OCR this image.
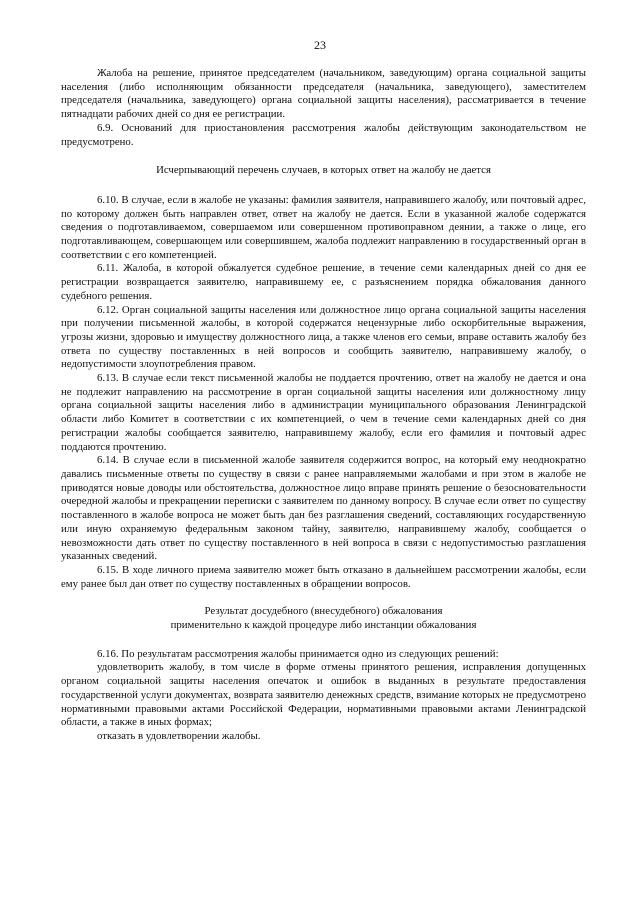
23

Жалоба на решение, принятое председателем (начальником, заведующим) органа социальной защиты населения (либо исполняющим обязанности председателя (начальника, заведующего), заместителем председателя (начальника, заведующего) органа социальной защиты населения), рассматривается в течение пятнадцати рабочих дней со дня ее регистрации.

6.9. Оснований для приостановления рассмотрения жалобы действующим законодательством не предусмотрено.

Исчерпывающий перечень случаев, в которых ответ на жалобу не дается

6.10. В случае, если в жалобе не указаны: фамилия заявителя, направившего жалобу, или почтовый адрес, по которому должен быть направлен ответ, ответ на жалобу не дается. Если в указанной жалобе содержатся сведения о подготавливаемом, совершаемом или совершенном противоправном деянии, а также о лице, его подготавливающем, совершающем или совершившем, жалоба подлежит направлению в государственный орган в соответствии с его компетенцией.

6.11. Жалоба, в которой обжалуется судебное решение, в течение семи календарных дней со дня ее регистрации возвращается заявителю, направившему ее, с разъяснением порядка обжалования данного судебного решения.

6.12. Орган социальной защиты населения или должностное лицо органа социальной защиты населения при получении письменной жалобы, в которой содержатся нецензурные либо оскорбительные выражения, угрозы жизни, здоровью и имуществу должностного лица, а также членов его семьи, вправе оставить жалобу без ответа по существу поставленных в ней вопросов и сообщить заявителю, направившему жалобу, о недопустимости злоупотребления правом.

6.13. В случае если текст письменной жалобы не поддается прочтению, ответ на жалобу не дается и она не подлежит направлению на рассмотрение в орган социальной защиты населения или должностному лицу органа социальной защиты населения либо в администрации муниципального образования Ленинградской области либо Комитет в соответствии с их компетенцией, о чем в течение семи календарных дней со дня регистрации жалобы сообщается заявителю, направившему жалобу, если его фамилия и почтовый адрес поддаются прочтению.

6.14. В случае если в письменной жалобе заявителя содержится вопрос, на который ему неоднократно давались письменные ответы по существу в связи с ранее направляемыми жалобами и при этом в жалобе не приводятся новые доводы или обстоятельства, должностное лицо вправе принять решение о безосновательности очередной жалобы и прекращении переписки с заявителем по данному вопросу. В случае если ответ по существу поставленного в жалобе вопроса не может быть дан без разглашения сведений, составляющих государственную или иную охраняемую федеральным законом тайну, заявителю, направившему жалобу, сообщается о невозможности дать ответ по существу поставленного в ней вопроса в связи с недопустимостью разглашения указанных сведений.

6.15. В ходе личного приема заявителю может быть отказано в дальнейшем рассмотрении жалобы, если ему ранее был дан ответ по существу поставленных в обращении вопросов.

Результат досудебного (внесудебного) обжалования
применительно к каждой процедуре либо инстанции обжалования

6.16. По результатам рассмотрения жалобы принимается одно из следующих решений:

удовлетворить жалобу, в том числе в форме отмены принятого решения, исправления допущенных органом социальной защиты населения опечаток и ошибок в выданных в результате предоставления государственной услуги документах, возврата заявителю денежных средств, взимание которых не предусмотрено нормативными правовыми актами Российской Федерации, нормативными правовыми актами Ленинградской области, а также в иных формах;

отказать в удовлетворении жалобы.
